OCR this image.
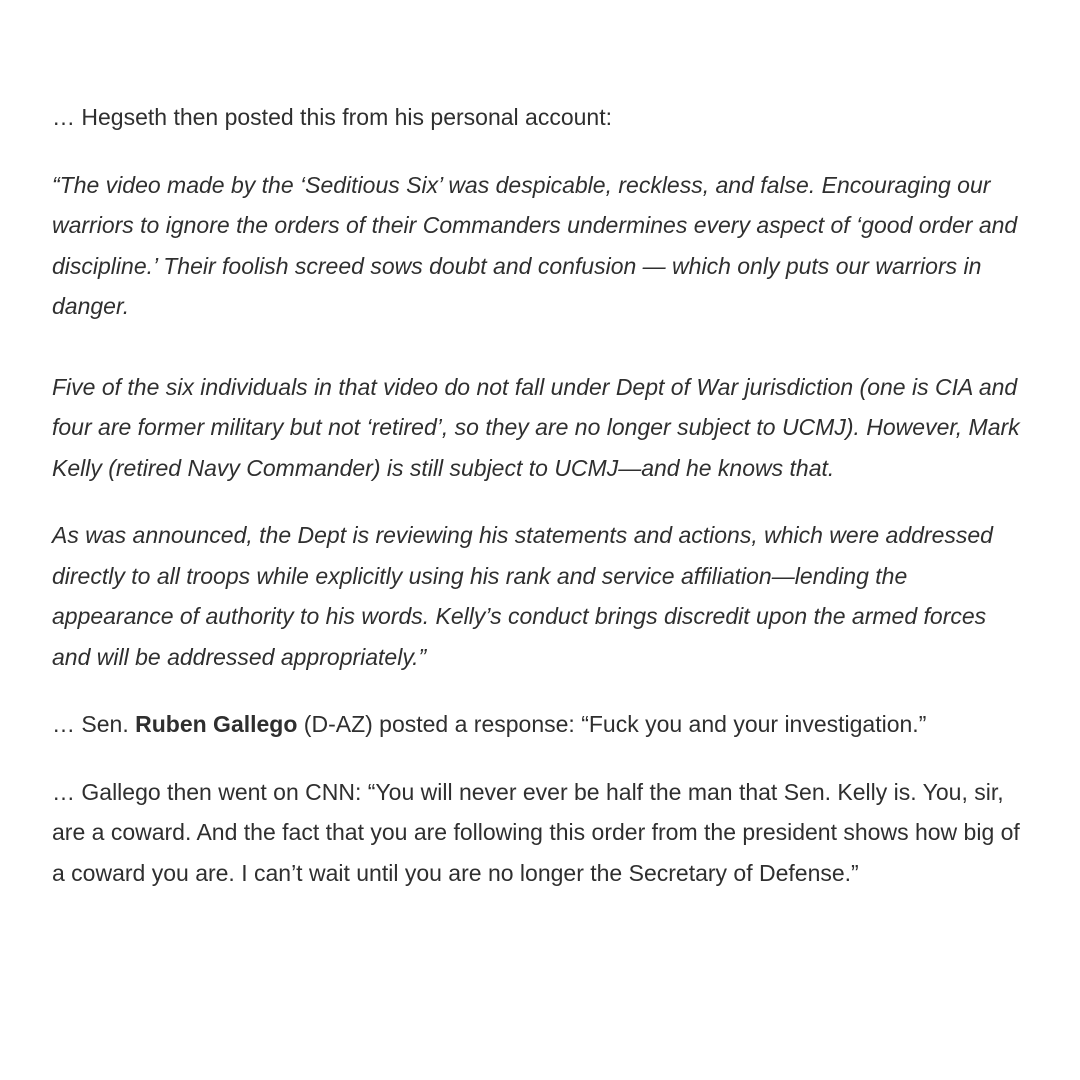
… Hegseth then posted this from his personal account:

“The video made by the ‘Seditious Six’ was despicable, reckless, and false. Encouraging our warriors to ignore the orders of their Commanders undermines every aspect of ‘good order and discipline.’ Their foolish screed sows doubt and confusion — which only puts our warriors in danger.

Five of the six individuals in that video do not fall under Dept of War jurisdiction (one is CIA and four are former military but not ‘retired’, so they are no longer subject to UCMJ). However, Mark Kelly (retired Navy Commander) is still subject to UCMJ—and he knows that.

As was announced, the Dept is reviewing his statements and actions, which were addressed directly to all troops while explicitly using his rank and service affiliation—lending the appearance of authority to his words. Kelly’s conduct brings discredit upon the armed forces and will be addressed appropriately.”

… Sen. Ruben Gallego (D-AZ) posted a response: “Fuck you and your investigation.”

… Gallego then went on CNN: “You will never ever be half the man that Sen. Kelly is. You, sir, are a coward. And the fact that you are following this order from the president shows how big of a coward you are. I can’t wait until you are no longer the Secretary of Defense.”
